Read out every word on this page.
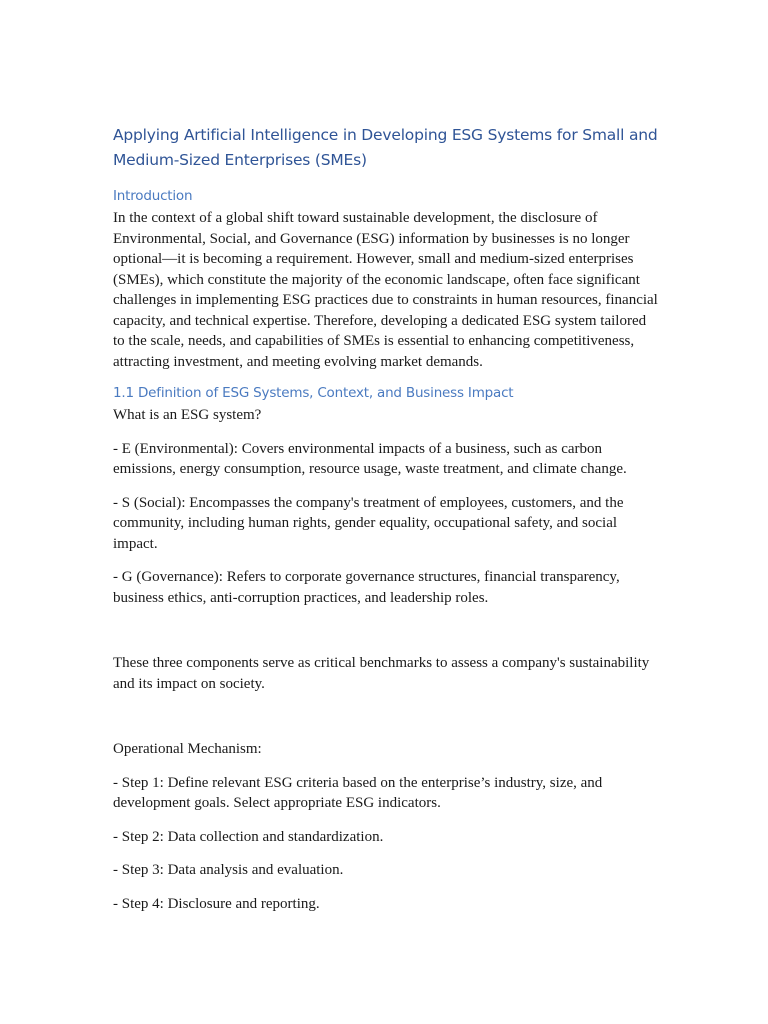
Applying Artificial Intelligence in Developing ESG Systems for Small and Medium-Sized Enterprises (SMEs)
Introduction

In the context of a global shift toward sustainable development, the disclosure of Environmental, Social, and Governance (ESG) information by businesses is no longer optional—it is becoming a requirement. However, small and medium-sized enterprises (SMEs), which constitute the majority of the economic landscape, often face significant challenges in implementing ESG practices due to constraints in human resources, financial capacity, and technical expertise. Therefore, developing a dedicated ESG system tailored to the scale, needs, and capabilities of SMEs is essential to enhancing competitiveness, attracting investment, and meeting evolving market demands.

1.1 Definition of ESG Systems, Context, and Business Impact

What is an ESG system?

- E (Environmental): Covers environmental impacts of a business, such as carbon emissions, energy consumption, resource usage, waste treatment, and climate change.

- S (Social): Encompasses the company's treatment of employees, customers, and the community, including human rights, gender equality, occupational safety, and social impact.

- G (Governance): Refers to corporate governance structures, financial transparency, business ethics, anti-corruption practices, and leadership roles.

These three components serve as critical benchmarks to assess a company's sustainability and its impact on society.

Operational Mechanism:

- Step 1: Define relevant ESG criteria based on the enterprise’s industry, size, and development goals. Select appropriate ESG indicators.

- Step 2: Data collection and standardization.

- Step 3: Data analysis and evaluation.

- Step 4: Disclosure and reporting.
